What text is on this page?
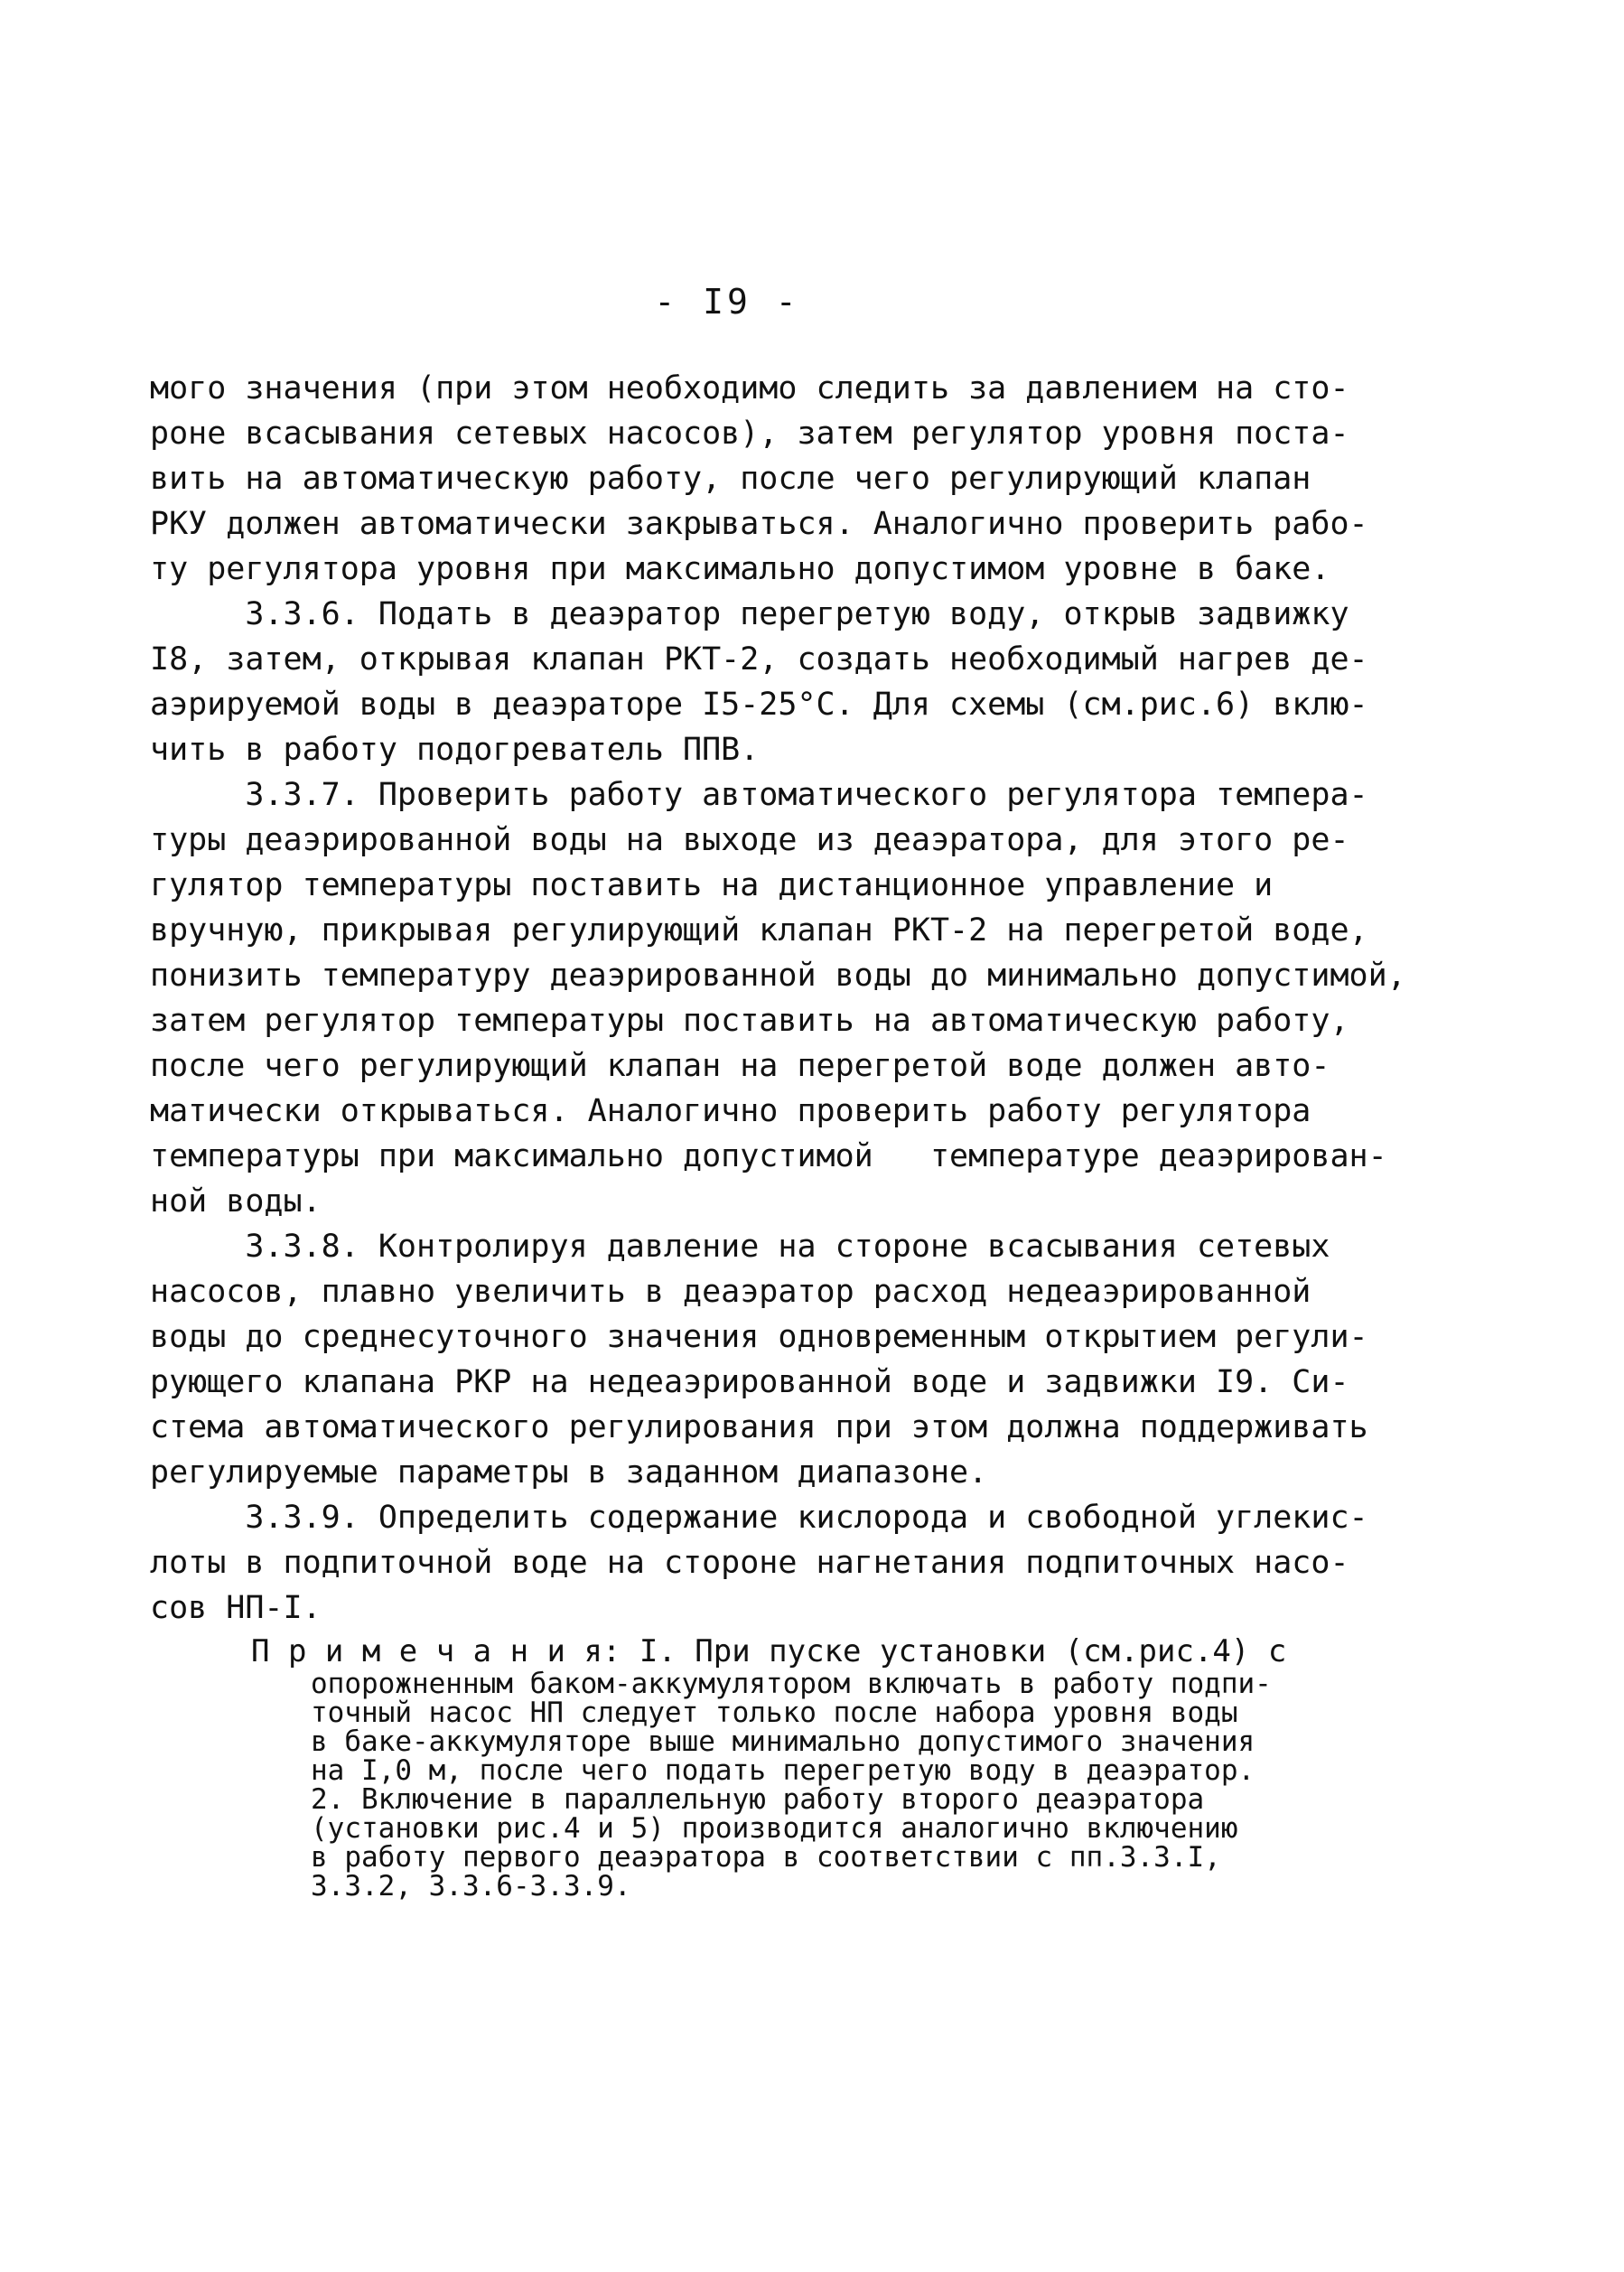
- I9 -
мого значения (при этом необходимо следить за давлением на сто-
роне всасывания сетевых насосов), затем регулятор уровня поста-
вить на автоматическую работу, после чего регулирующий клапан
РКУ должен автоматически закрываться. Аналогично проверить рабо-
ту регулятора уровня при максимально допустимом уровне в баке.
3.3.6. Подать в деаэратор перегретую воду, открыв задвижку
I8, затем, открывая клапан РКТ-2, создать необходимый нагрев де-
аэрируемой воды в деаэраторе I5-25°C. Для схемы (см.рис.6) вклю-
чить в работу подогреватель ППВ.
3.3.7. Проверить работу автоматического регулятора темпера-
туры деаэрированной воды на выходе из деаэратора, для этого ре-
гулятор температуры поставить на дистанционное управление и
вручную, прикрывая регулирующий клапан РКТ-2 на перегретой воде,
понизить температуру деаэрированной воды до минимально допустимой,
затем регулятор температуры поставить на автоматическую работу,
после чего регулирующий клапан на перегретой воде должен авто-
матически открываться. Аналогично проверить работу регулятора
температуры при максимально допустимой   температуре деаэрирован-
ной воды.
3.3.8. Контролируя давление на стороне всасывания сетевых
насосов, плавно увеличить в деаэратор расход недеаэрированной
воды до среднесуточного значения одновременным открытием регули-
рующего клапана РКР на недеаэрированной воде и задвижки I9. Си-
стема автоматического регулирования при этом должна поддерживать
регулируемые параметры в заданном диапазоне.
3.3.9. Определить содержание кислорода и свободной углекис-
лоты в подпиточной воде на стороне нагнетания подпиточных насо-
сов НП-I.
П р и м е ч а н и я: I. При пуске установки (см.рис.4) с
опорожненным баком-аккумулятором включать в работу подпи-
точный насос НП следует только после набора уровня воды
в баке-аккумуляторе выше минимально допустимого значения
на I,0 м, после чего подать перегретую воду в деаэратор.
2. Включение в параллельную работу второго деаэратора
(установки рис.4 и 5) производится аналогично включению
в работу первого деаэратора в соответствии с пп.3.3.I,
3.3.2, 3.3.6-3.3.9.
